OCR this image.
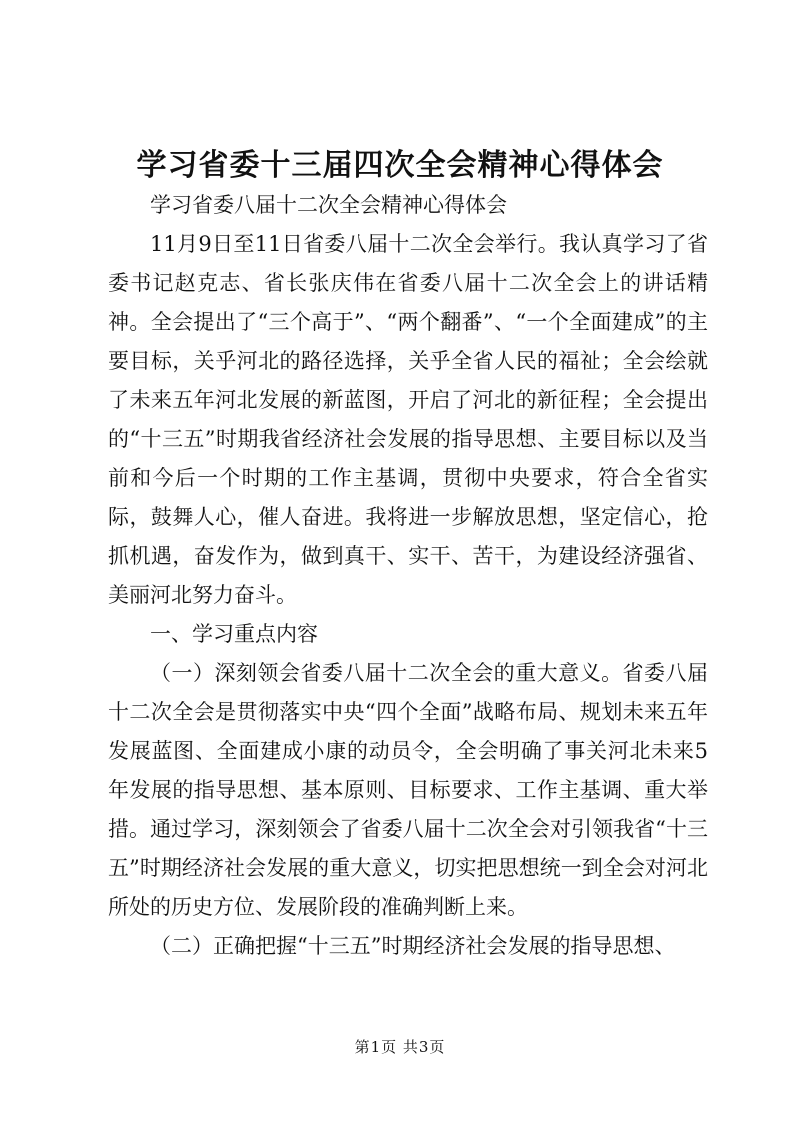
学习省委十三届四次全会精神心得体会

学习省委八届十二次全会精神心得体会

11月9日至11日省委八届十二次全会举行。我认真学习了省委书记赵克志、省长张庆伟在省委八届十二次全会上的讲话精神。全会提出了“三个高于”、“两个翻番”、“一个全面建成”的主要目标，关乎河北的路径选择，关乎全省人民的福祉；全会绘就了未来五年河北发展的新蓝图，开启了河北的新征程；全会提出的“十三五”时期我省经济社会发展的指导思想、主要目标以及当前和今后一个时期的工作主基调，贯彻中央要求，符合全省实际，鼓舞人心，催人奋进。我将进一步解放思想，坚定信心，抢抓机遇，奋发作为，做到真干、实干、苦干，为建设经济强省、美丽河北努力奋斗。

一、学习重点内容

（一）深刻领会省委八届十二次全会的重大意义。省委八届十二次全会是贯彻落实中央“四个全面”战略布局、规划未来五年发展蓝图、全面建成小康的动员令，全会明确了事关河北未来5年发展的指导思想、基本原则、目标要求、工作主基调、重大举措。通过学习，深刻领会了省委八届十二次全会对引领我省“十三五”时期经济社会发展的重大意义，切实把思想统一到全会对河北所处的历史方位、发展阶段的准确判断上来。

（二）正确把握“十三五”时期经济社会发展的指导思想、

第1页 共3页
